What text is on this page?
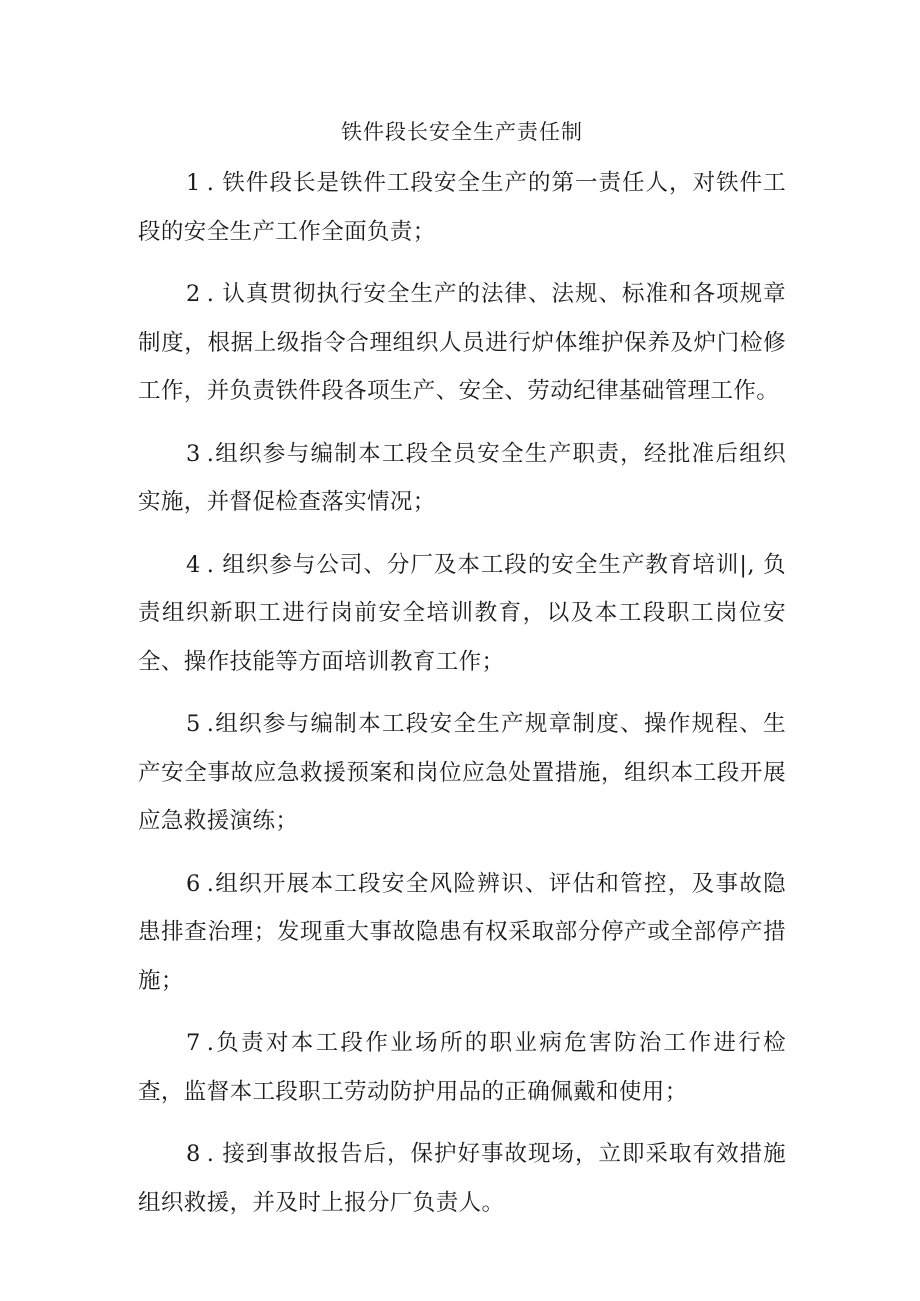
铁件段长安全生产责任制

1 . 铁件段长是铁件工段安全生产的第一责任人，对铁件工段的安全生产工作全面负责；

2 . 认真贯彻执行安全生产的法律、法规、标准和各项规章制度，根据上级指令合理组织人员进行炉体维护保养及炉门检修工作，并负责铁件段各项生产、安全、劳动纪律基础管理工作。

3 .组织参与编制本工段全员安全生产职责，经批准后组织实施，并督促检查落实情况；

4 . 组织参与公司、分厂及本工段的安全生产教育培训|, 负责组织新职工进行岗前安全培训教育，以及本工段职工岗位安全、操作技能等方面培训教育工作；

5 .组织参与编制本工段安全生产规章制度、操作规程、生产安全事故应急救援预案和岗位应急处置措施，组织本工段开展应急救援演练；

6 .组织开展本工段安全风险辨识、评估和管控，及事故隐患排查治理；发现重大事故隐患有权采取部分停产或全部停产措施；

7 .负责对本工段作业场所的职业病危害防治工作进行检查，监督本工段职工劳动防护用品的正确佩戴和使用；

8 . 接到事故报告后，保护好事故现场，立即采取有效措施组织救援，并及时上报分厂负责人。
